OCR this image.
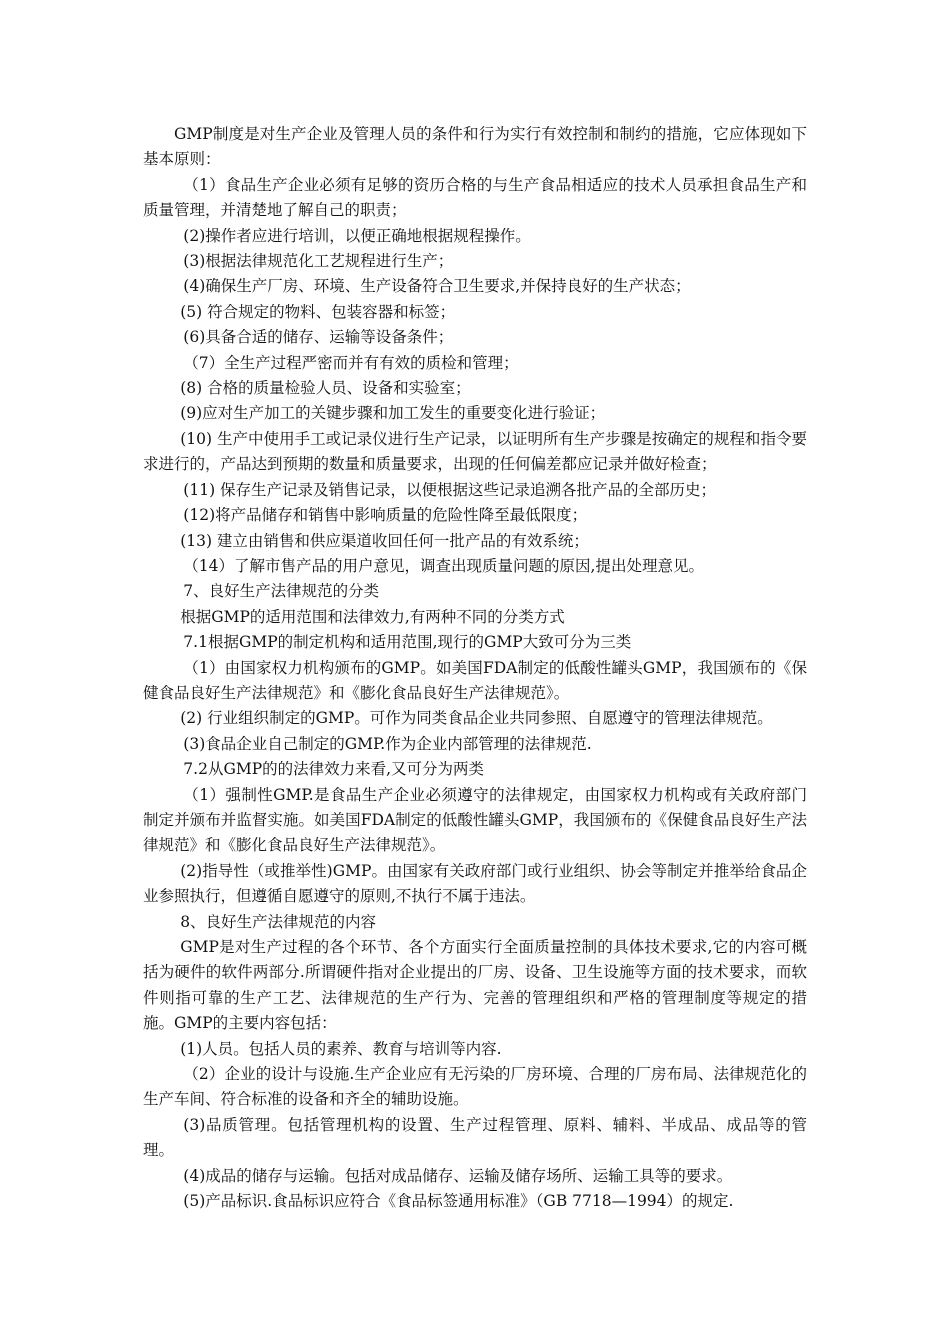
GMP制度是对生产企业及管理人员的条件和行为实行有效控制和制约的措施，它应体现如下基本原则：

（1）食品生产企业必须有足够的资历合格的与生产食品相适应的技术人员承担食品生产和质量管理，并清楚地了解自己的职责；

(2)操作者应进行培训，以便正确地根据规程操作。

(3)根据法律规范化工艺规程进行生产；

(4)确保生产厂房、环境、生产设备符合卫生要求,并保持良好的生产状态；

(5) 符合规定的物料、包装容器和标签；

(6)具备合适的储存、运输等设备条件；

（7）全生产过程严密而并有有效的质检和管理；

(8) 合格的质量检验人员、设备和实验室；

(9)应对生产加工的关键步骤和加工发生的重要变化进行验证；

(10) 生产中使用手工或记录仪进行生产记录，以证明所有生产步骤是按确定的规程和指令要求进行的，产品达到预期的数量和质量要求，出现的任何偏差都应记录并做好检查；

(11) 保存生产记录及销售记录，以便根据这些记录追溯各批产品的全部历史；

(12)将产品储存和销售中影响质量的危险性降至最低限度；

(13) 建立由销售和供应渠道收回任何一批产品的有效系统；

（14）了解市售产品的用户意见，调查出现质量问题的原因,提出处理意见。

7、良好生产法律规范的分类

根据GMP的适用范围和法律效力,有两种不同的分类方式

7.1根据GMP的制定机构和适用范围,现行的GMP大致可分为三类

（1）由国家权力机构颁布的GMP。如美国FDA制定的低酸性罐头GMP，我国颁布的《保健食品良好生产法律规范》和《膨化食品良好生产法律规范》。

(2) 行业组织制定的GMP。可作为同类食品企业共同参照、自愿遵守的管理法律规范。

(3)食品企业自己制定的GMP.作为企业内部管理的法律规范.

7.2从GMP的的法律效力来看,又可分为两类

（1）强制性GMP.是食品生产企业必须遵守的法律规定，由国家权力机构或有关政府部门制定并颁布并监督实施。如美国FDA制定的低酸性罐头GMP，我国颁布的《保健食品良好生产法律规范》和《膨化食品良好生产法律规范》。

(2)指导性（或推举性)GMP。由国家有关政府部门或行业组织、协会等制定并推举给食品企业参照执行，但遵循自愿遵守的原则,不执行不属于违法。

8、良好生产法律规范的内容

GMP是对生产过程的各个环节、各个方面实行全面质量控制的具体技术要求,它的内容可概括为硬件的软件两部分.所谓硬件指对企业提出的厂房、设备、卫生设施等方面的技术要求，而软件则指可靠的生产工艺、法律规范的生产行为、完善的管理组织和严格的管理制度等规定的措施。GMP的主要内容包括：

(1)人员。包括人员的素养、教育与培训等内容.

（2）企业的设计与设施.生产企业应有无污染的厂房环境、合理的厂房布局、法律规范化的生产车间、符合标准的设备和齐全的辅助设施。

(3)品质管理。包括管理机构的设置、生产过程管理、原料、辅料、半成品、成品等的管理。

(4)成品的储存与运输。包括对成品储存、运输及储存场所、运输工具等的要求。

(5)产品标识.食品标识应符合《食品标签通用标准》（GB 7718—1994）的规定.
